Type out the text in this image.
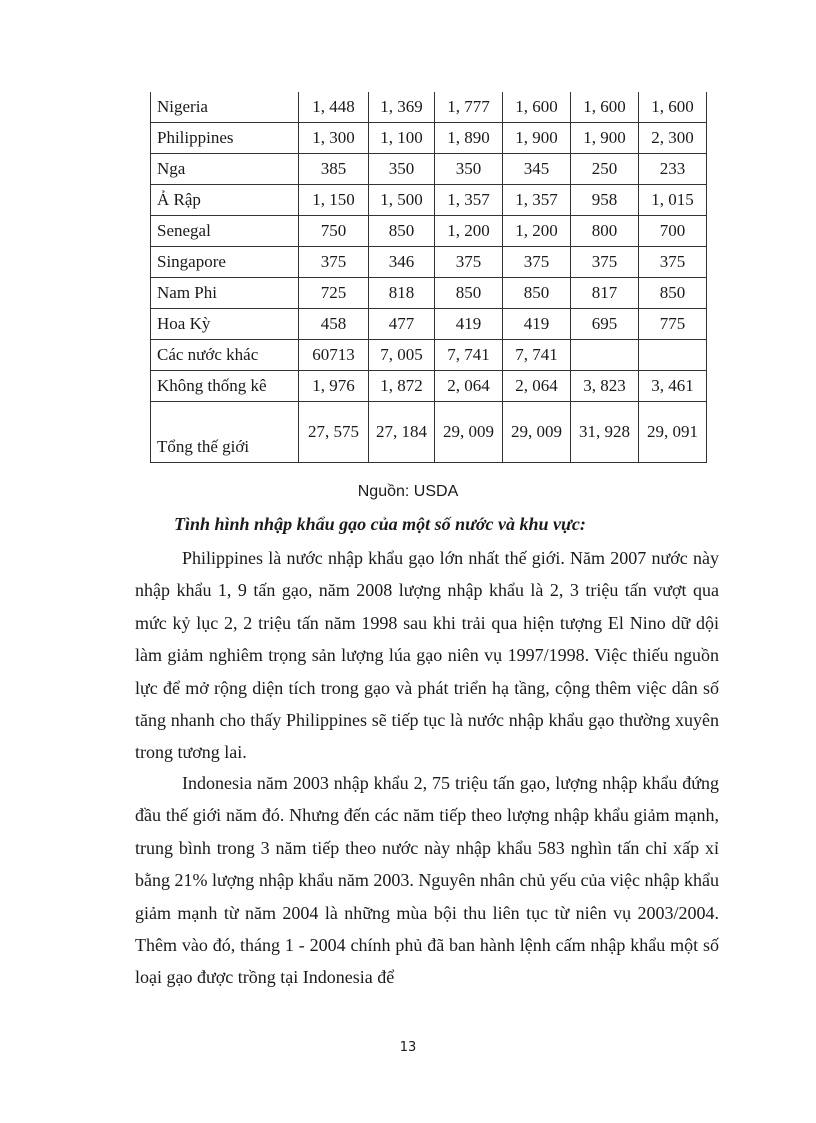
Nigeria	1, 448	1, 369	1, 777	1, 600	1, 600	1, 600
Philippines	1, 300	1, 100	1, 890	1, 900	1, 900	2, 300
Nga	385	350	350	345	250	233
Ả Rập	1, 150	1, 500	1, 357	1, 357	958	1, 015
Senegal	750	850	1, 200	1, 200	800	700
Singapore	375	346	375	375	375	375
Nam Phi	725	818	850	850	817	850
Hoa Kỳ	458	477	419	419	695	775
Các nước khác	60713	7, 005	7, 741	7, 741		
Không thống kê	1, 976	1, 872	2, 064	2, 064	3, 823	3, 461
Tổng thế giới	27, 575	27, 184	29, 009	29, 009	31, 928	29, 091
Nguồn: USDA
Tình hình nhập khẩu gạo của một số nước và khu vực:

Philippines là nước nhập khẩu gạo lớn nhất thế giới. Năm 2007 nước này nhập khẩu 1, 9 tấn gạo, năm 2008 lượng nhập khẩu là 2, 3 triệu tấn vượt qua mức kỷ lục 2, 2 triệu tấn năm 1998 sau khi trải qua hiện tượng El Nino dữ dội làm giảm nghiêm trọng sản lượng lúa gạo niên vụ 1997/1998. Việc thiếu nguồn lực để mở rộng diện tích trong gạo và phát triển hạ tầng, cộng thêm việc dân số tăng nhanh cho thấy Philippines sẽ tiếp tục là nước nhập khẩu gạo thường xuyên trong tương lai.

Indonesia năm 2003 nhập khẩu 2, 75 triệu tấn gạo, lượng nhập khẩu đứng đầu thế giới năm đó. Nhưng đến các năm tiếp theo lượng nhập khẩu giảm mạnh, trung bình trong 3 năm tiếp theo nước này nhập khẩu 583 nghìn tấn chỉ xấp xỉ bằng 21% lượng nhập khẩu năm 2003. Nguyên nhân chủ yếu của việc nhập khẩu giảm mạnh từ năm 2004 là những mùa bội thu liên tục từ niên vụ 2003/2004. Thêm vào đó, tháng 1 - 2004 chính phủ đã ban hành lệnh cấm nhập khẩu một số loại gạo được trồng tại Indonesia để

13
